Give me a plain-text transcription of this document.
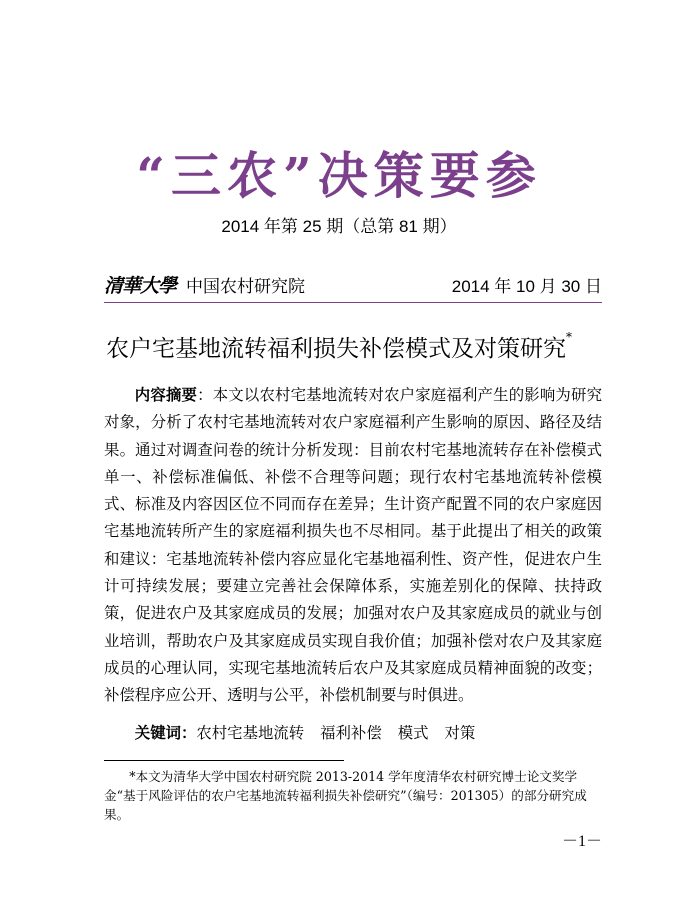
“三农”决策要参
2014 年第 25 期（总第 81 期）
清華大學 中国农村研究院	2014 年 10 月 30 日
农户宅基地流转福利损失补偿模式及对策研究*

内容摘要：本文以农村宅基地流转对农户家庭福利产生的影响为研究对象，分析了农村宅基地流转对农户家庭福利产生影响的原因、路径及结果。通过对调查问卷的统计分析发现：目前农村宅基地流转存在补偿模式单一、补偿标准偏低、补偿不合理等问题；现行农村宅基地流转补偿模式、标准及内容因区位不同而存在差异；生计资产配置不同的农户家庭因宅基地流转所产生的家庭福利损失也不尽相同。基于此提出了相关的政策和建议：宅基地流转补偿内容应显化宅基地福利性、资产性，促进农户生计可持续发展；要建立完善社会保障体系，实施差别化的保障、扶持政策，促进农户及其家庭成员的发展；加强对农户及其家庭成员的就业与创业培训，帮助农户及其家庭成员实现自我价值；加强补偿对农户及其家庭成员的心理认同，实现宅基地流转后农户及其家庭成员精神面貌的改变；补偿程序应公开、透明与公平，补偿机制要与时俱进。

关键词：农村宅基地流转 福利补偿 模式 对策

*本文为清华大学中国农村研究院 2013-2014 学年度清华农村研究博士论文奖学金“基于风险评估的农户宅基地流转福利损失补偿研究”（编号：201305）的部分研究成果。

－1－
